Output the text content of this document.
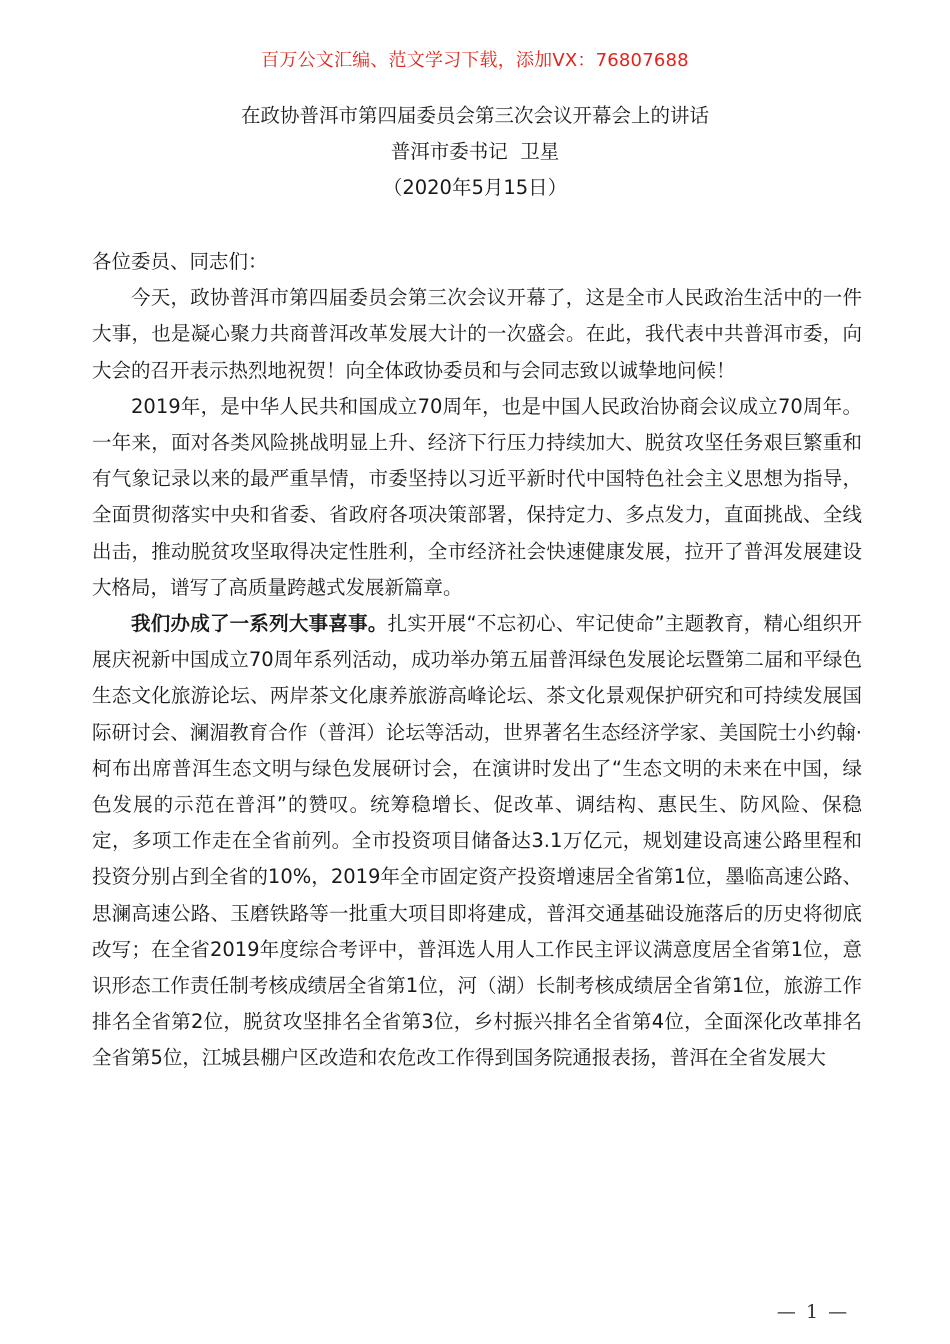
百万公文汇编、范文学习下载，添加VX：76807688
在政协普洱市第四届委员会第三次会议开幕会上的讲话
普洱市委书记  卫星
（2020年5月15日）

各位委员、同志们：

今天，政协普洱市第四届委员会第三次会议开幕了，这是全市人民政治生活中的一件大事，也是凝心聚力共商普洱改革发展大计的一次盛会。在此，我代表中共普洱市委，向大会的召开表示热烈地祝贺！向全体政协委员和与会同志致以诚挚地问候！

2019年，是中华人民共和国成立70周年，也是中国人民政治协商会议成立70周年。一年来，面对各类风险挑战明显上升、经济下行压力持续加大、脱贫攻坚任务艰巨繁重和有气象记录以来的最严重旱情，市委坚持以习近平新时代中国特色社会主义思想为指导，全面贯彻落实中央和省委、省政府各项决策部署，保持定力、多点发力，直面挑战、全线出击，推动脱贫攻坚取得决定性胜利，全市经济社会快速健康发展，拉开了普洱发展建设大格局，谱写了高质量跨越式发展新篇章。

我们办成了一系列大事喜事。扎实开展“不忘初心、牢记使命”主题教育，精心组织开展庆祝新中国成立70周年系列活动，成功举办第五届普洱绿色发展论坛暨第二届和平绿色生态文化旅游论坛、两岸茶文化康养旅游高峰论坛、茶文化景观保护研究和可持续发展国际研讨会、澜湄教育合作（普洱）论坛等活动，世界著名生态经济学家、美国院士小约翰·柯布出席普洱生态文明与绿色发展研讨会，在演讲时发出了“生态文明的未来在中国，绿色发展的示范在普洱”的赞叹。统筹稳增长、促改革、调结构、惠民生、防风险、保稳定，多项工作走在全省前列。全市投资项目储备达3.1万亿元，规划建设高速公路里程和投资分别占到全省的10%，2019年全市固定资产投资增速居全省第1位，墨临高速公路、思澜高速公路、玉磨铁路等一批重大项目即将建成，普洱交通基础设施落后的历史将彻底改写；在全省2019年度综合考评中，普洱选人用人工作民主评议满意度居全省第1位，意识形态工作责任制考核成绩居全省第1位，河（湖）长制考核成绩居全省第1位，旅游工作排名全省第2位，脱贫攻坚排名全省第3位，乡村振兴排名全省第4位，全面深化改革排名全省第5位，江城县棚户区改造和农危改工作得到国务院通报表扬，普洱在全省发展大

— 1 —
